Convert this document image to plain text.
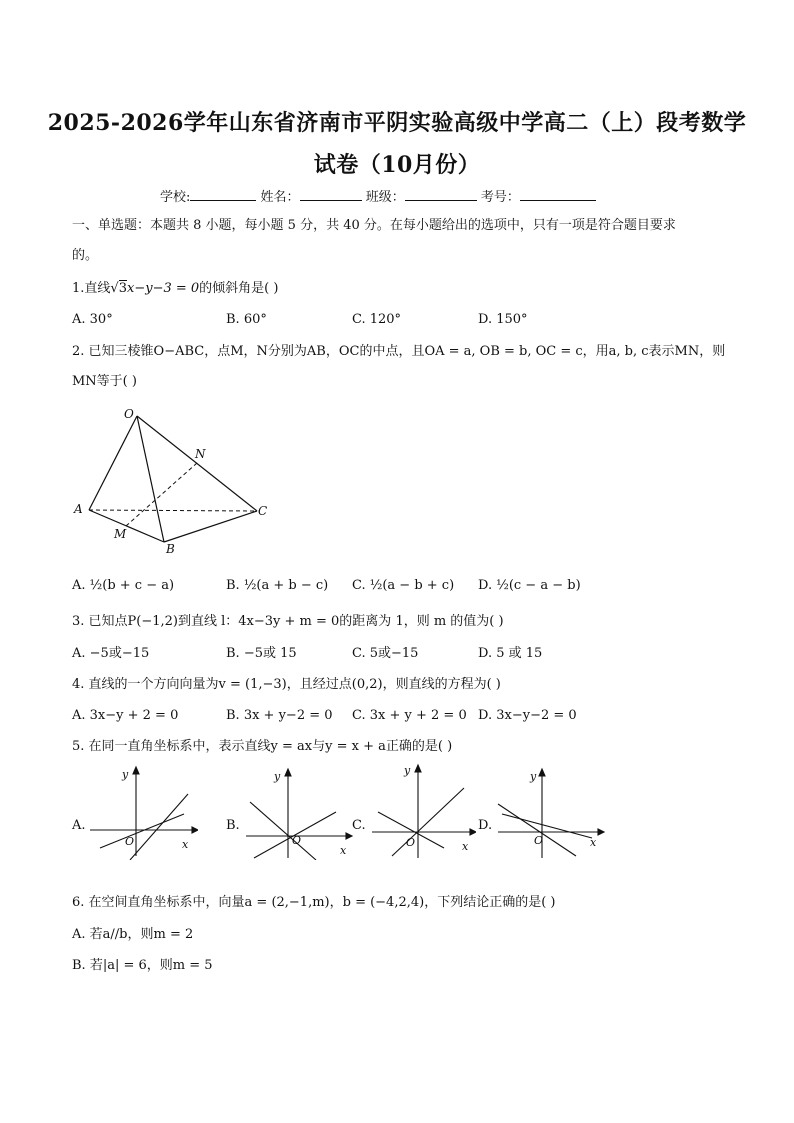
2025-2026学年山东省济南市平阴实验高级中学高二（上）段考数学
试卷（10月份）
学校:	姓名：	班级：	考号：
一、单选题：本题共 8 小题，每小题 5 分，共 40 分。在每小题给出的选项中，只有一项是符合题目要求
的。
1.直线√3x−y−3 = 0的倾斜角是( )
A. 30°	B. 60°	C. 120°	D. 150°
2. 已知三棱锥O−ABC，点M，N分别为AB，OC的中点，且OA = a, OB = b, OC = c，用a, b, c表示MN，则
MN等于( )
O
N
A	C
M
B
A. ½(b + c − a)	B. ½(a + b − c) C. ½(a − b + c) D. ½(c − a − b)
3. 已知点P(−1,2)到直线 l：4x−3y + m = 0的距离为 1，则 m 的值为( )
A. −5或−15	B. −5或 15	C. 5或−15	D. 5 或 15
4. 直线的一个方向向量为v = (1,−3)，且经过点(0,2)，则直线的方程为( )
A. 3x−y + 2 = 0	B. 3x + y−2 = 0 C. 3x + y + 2 = 0 D. 3x−y−2 = 0
5. 在同一直角坐标系中，表示直线y = ax与y = x + a正确的是( )
A.
y
x
O
B.
y
x
O
C.
y
x
O
D.
y
x
O
6. 在空间直角坐标系中，向量a = (2,−1,m)，b = (−4,2,4)，下列结论正确的是( )
A. 若a//b，则m = 2
B. 若|a| = 6，则m = 5
